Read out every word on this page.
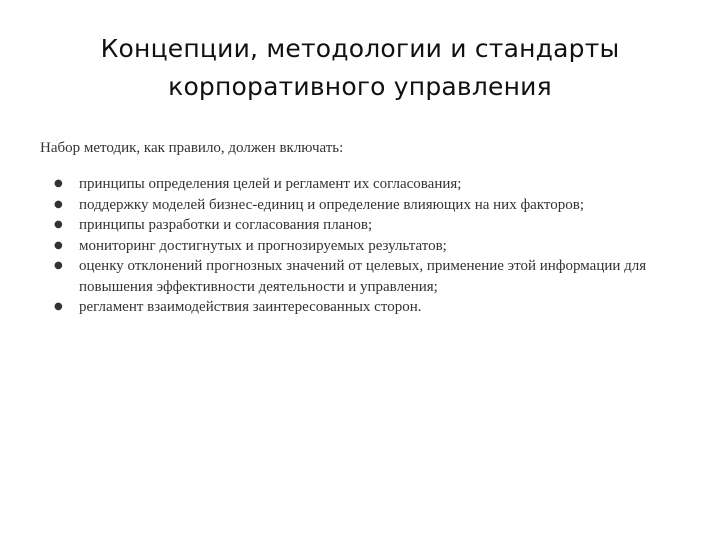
Концепции, методологии и стандарты
корпоративного управления
Набор методик, как правило, должен включать:
● принципы определения целей и регламент их согласования;
● поддержку моделей бизнес-единиц и определение влияющих на них факторов;
● принципы разработки и согласования планов;
● мониторинг достигнутых и прогнозируемых результатов;
● оценку отклонений прогнозных значений от целевых, применение этой информации для повышения эффективности деятельности и управления;
● регламент взаимодействия заинтересованных сторон.
